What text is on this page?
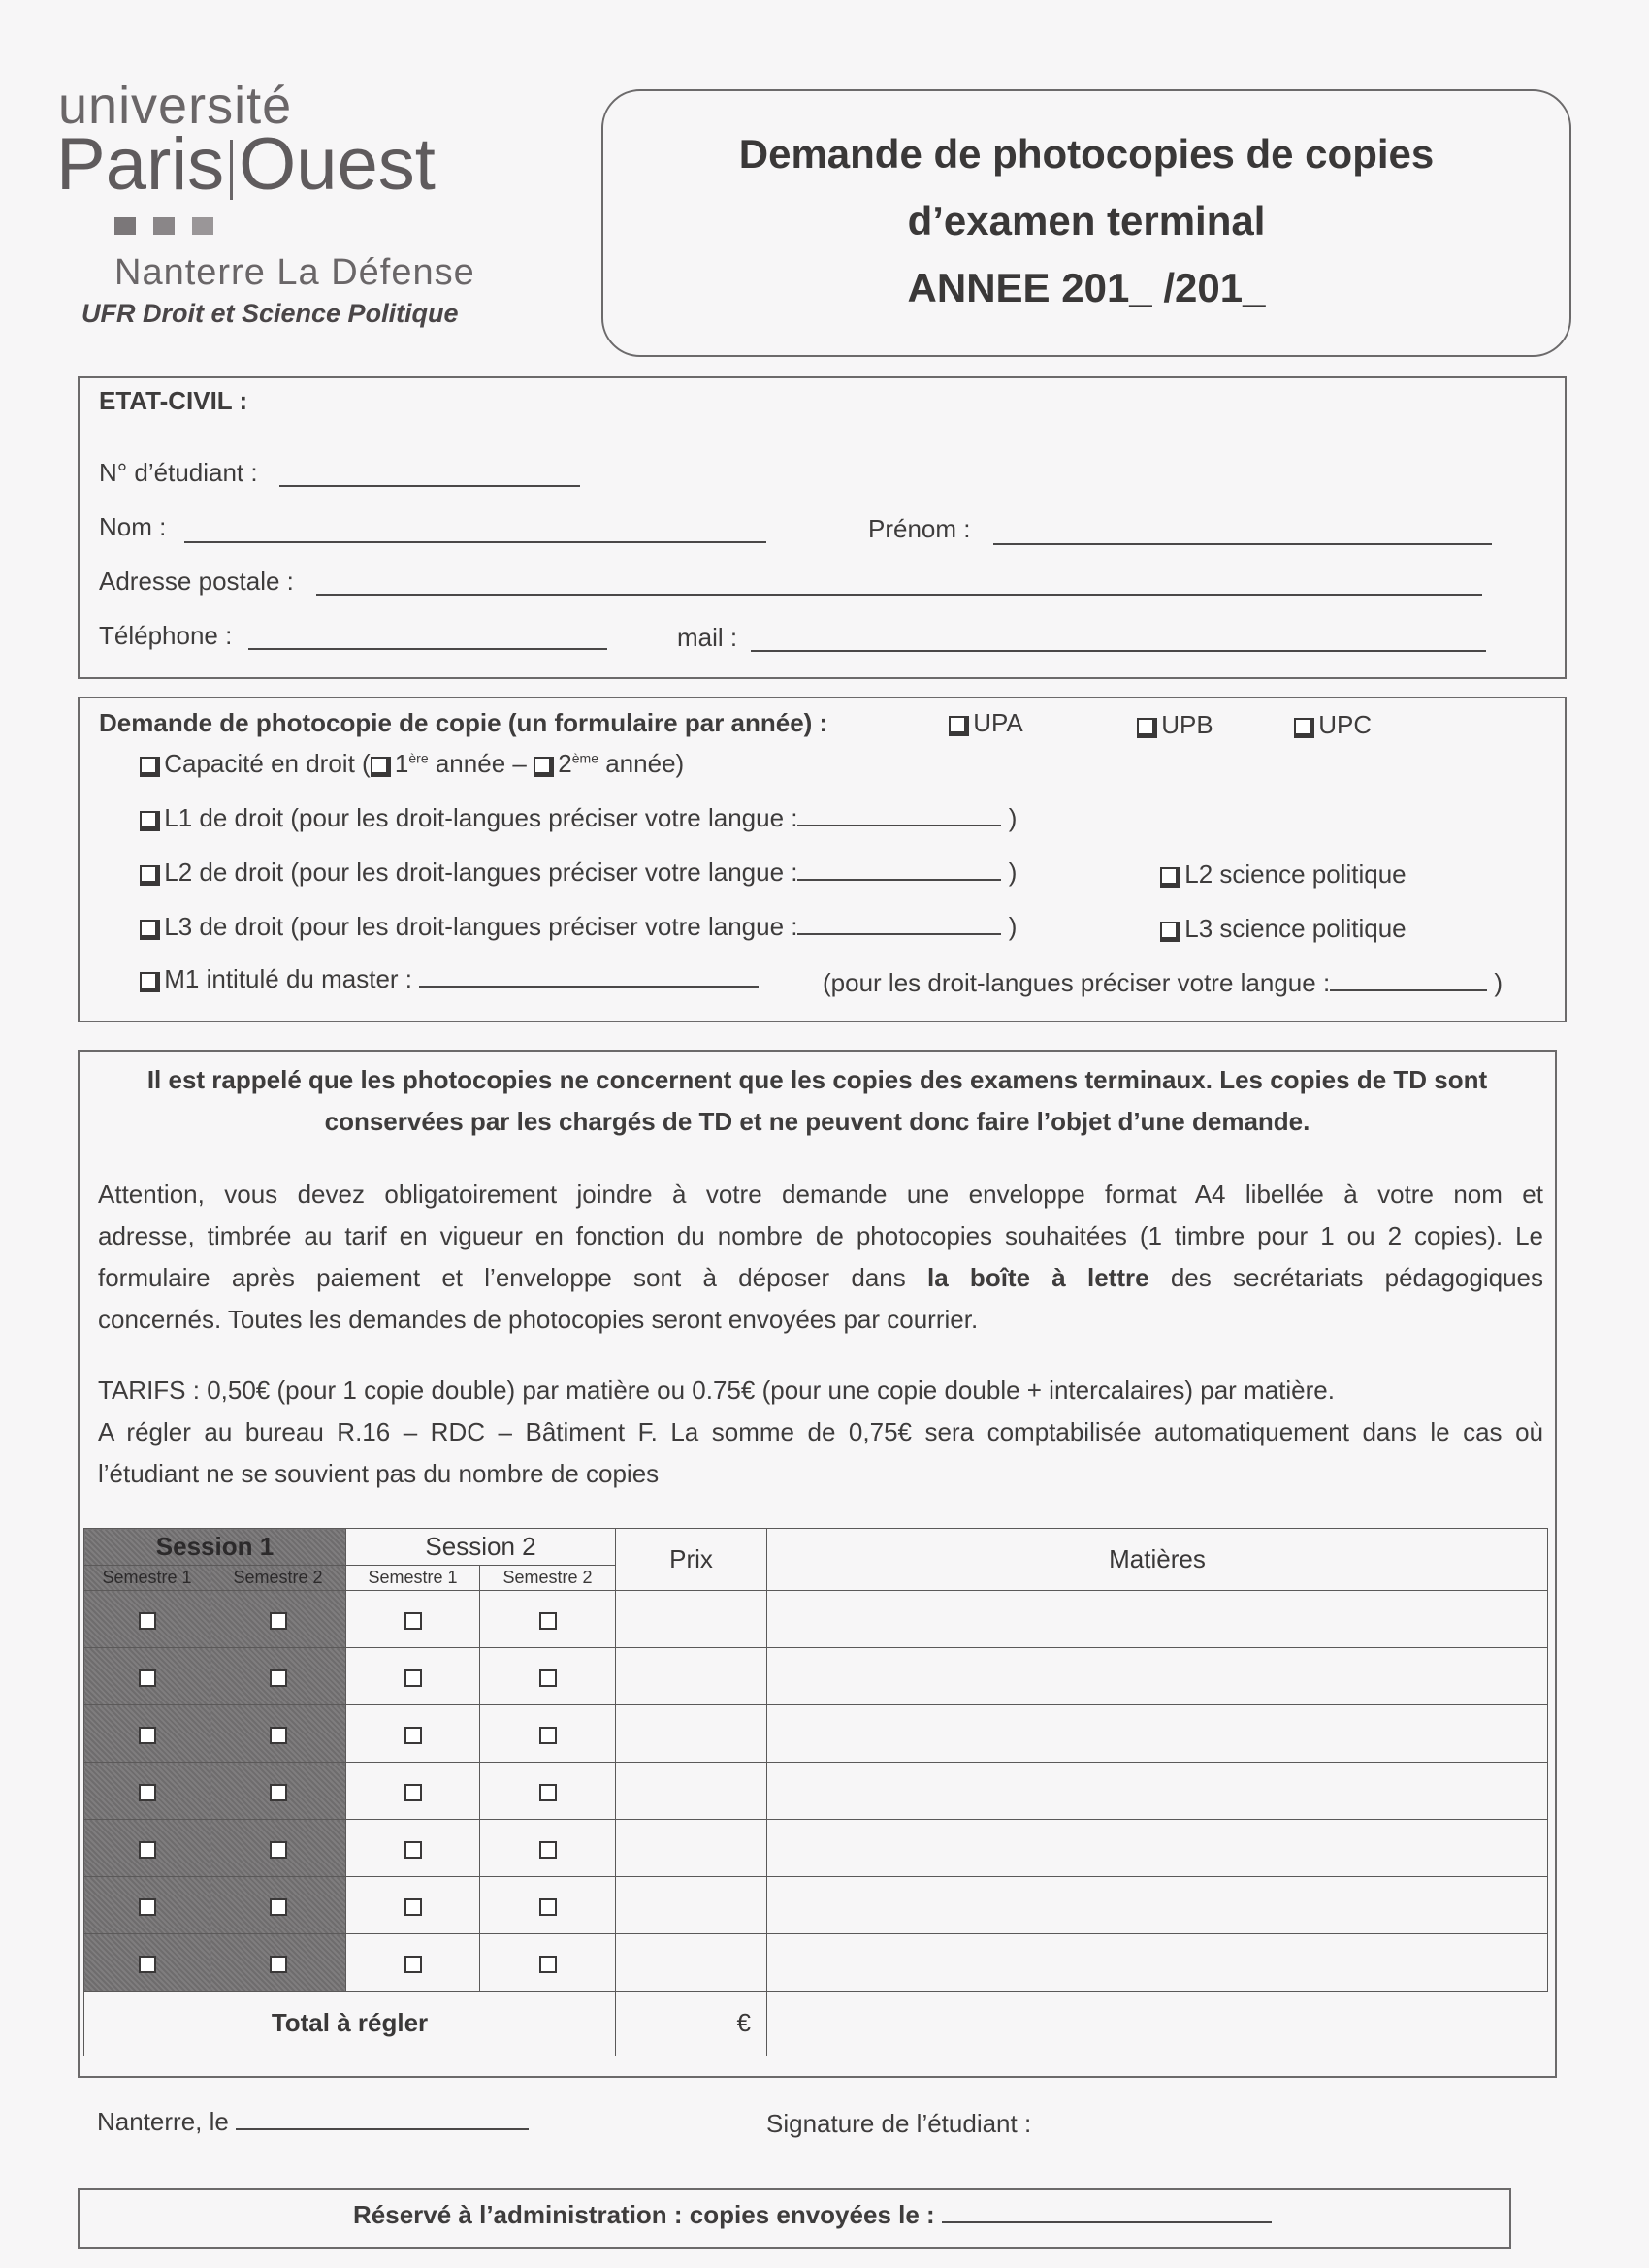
université
Paris Ouest
Nanterre La Défense
UFR Droit et Science Politique
Demande de photocopies de copies
d’examen terminal
ANNEE 201_ /201_
ETAT-CIVIL :
N° d’étudiant :
Nom :	Prénom :
Adresse postale :
Téléphone :	mail :
Demande de photocopie de copie (un formulaire par année) :	UPA	UPB	UPC
Capacité en droit ( 1ère année –  2ème année)
L1 de droit (pour les droit-langues préciser votre langue :	)
L2 de droit (pour les droit-langues préciser votre langue :	)	L2 science politique
L3 de droit (pour les droit-langues préciser votre langue :	)	L3 science politique
M1 intitulé du master :	(pour les droit-langues préciser votre langue :	)
Il est rappelé que les photocopies ne concernent que les copies des examens terminaux. Les copies de TD sont
conservées par les chargés de TD et ne peuvent donc faire l’objet d’une demande.
Attention, vous devez obligatoirement joindre à votre demande une enveloppe format A4 libellée à votre nom et
adresse, timbrée au tarif en vigueur en fonction du nombre de photocopies souhaitées (1 timbre pour 1 ou 2 copies). Le
formulaire après paiement et l’enveloppe sont à déposer dans la boîte à lettre des secrétariats pédagogiques
concernés. Toutes les demandes de photocopies seront envoyées par courrier.
TARIFS : 0,50€ (pour 1 copie double) par matière ou 0.75€ (pour une copie double + intercalaires) par matière.
A régler au bureau R.16 – RDC – Bâtiment F. La somme de 0,75€ sera comptabilisée automatiquement dans le cas où
l’étudiant ne se souvient pas du nombre de copies
Session 1		Session 2		Prix	Matières
Semestre 1	Semestre 2	Semestre 1	Semestre 2		

Total à régler				€	
Nanterre, le	Signature de l’étudiant :
Réservé à l’administration : copies envoyées le :
